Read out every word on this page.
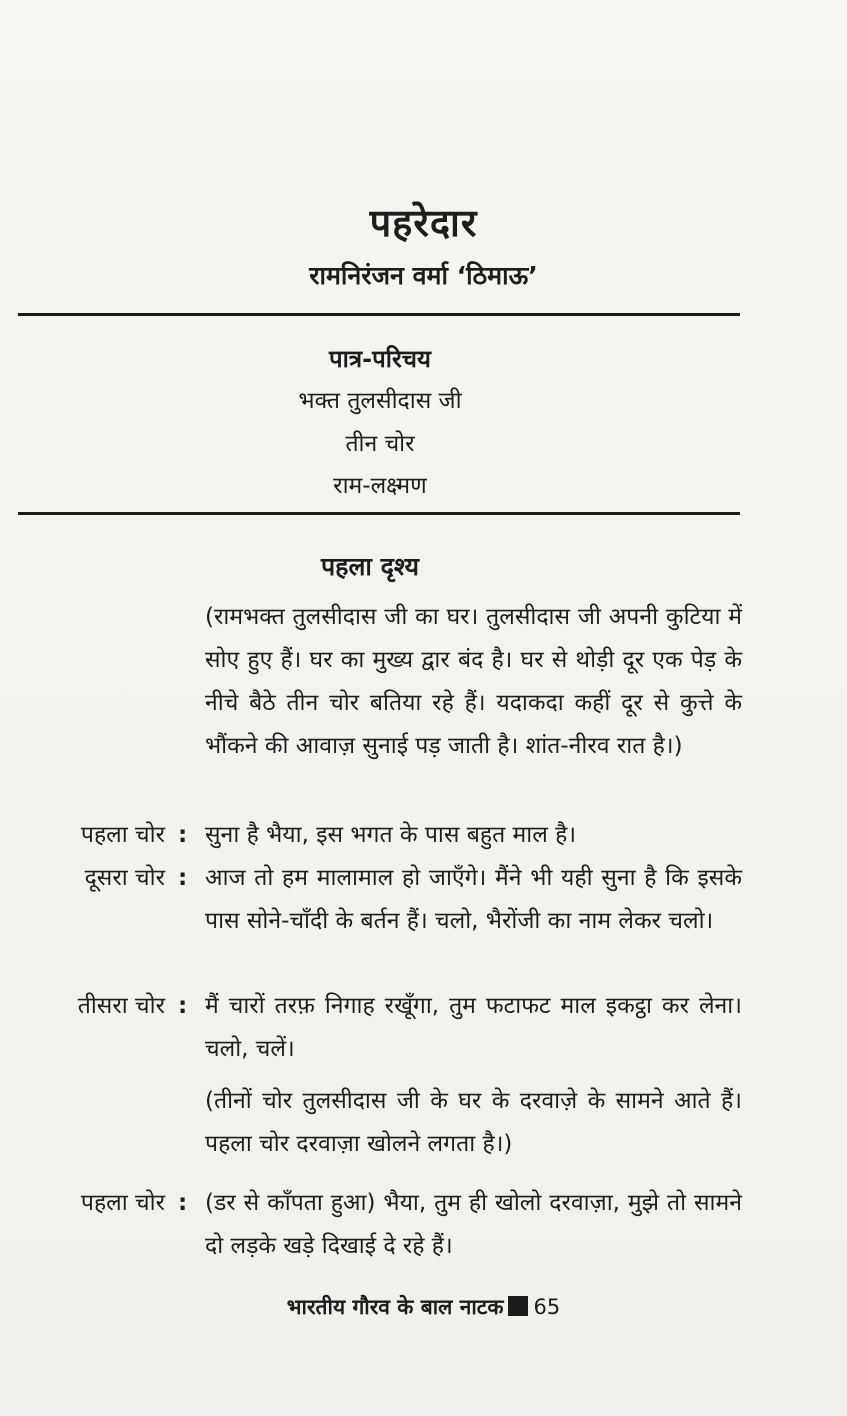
पहरेदार
रामनिरंजन वर्मा ‘ठिमाऊ’
पात्र-परिचय
भक्त तुलसीदास जी
तीन चोर
राम-लक्ष्मण
पहला दृश्य
(रामभक्त तुलसीदास जी का घर। तुलसीदास जी अपनी कुटिया में सोए हुए हैं। घर का मुख्य द्वार बंद है। घर से थोड़ी दूर एक पेड़ के नीचे बैठे तीन चोर बतिया रहे हैं। यदाकदा कहीं दूर से कुत्ते के भौंकने की आवाज़ सुनाई पड़ जाती है। शांत-नीरव रात है।)
पहला चोर : सुना है भैया, इस भगत के पास बहुत माल है।
दूसरा चोर : आज तो हम मालामाल हो जाएँगे। मैंने भी यही सुना है कि इसके पास सोने-चाँदी के बर्तन हैं। चलो, भैरोंजी का नाम लेकर चलो।
तीसरा चोर : मैं चारों तरफ़ निगाह रखूँगा, तुम फटाफट माल इकट्ठा कर लेना। चलो, चलें।
(तीनों चोर तुलसीदास जी के घर के दरवाज़े के सामने आते हैं। पहला चोर दरवाज़ा खोलने लगता है।)
पहला चोर : (डर से काँपता हुआ) भैया, तुम ही खोलो दरवाज़ा, मुझे तो सामने दो लड़के खड़े दिखाई दे रहे हैं।
भारतीय गौरव के बाल नाटक 65
